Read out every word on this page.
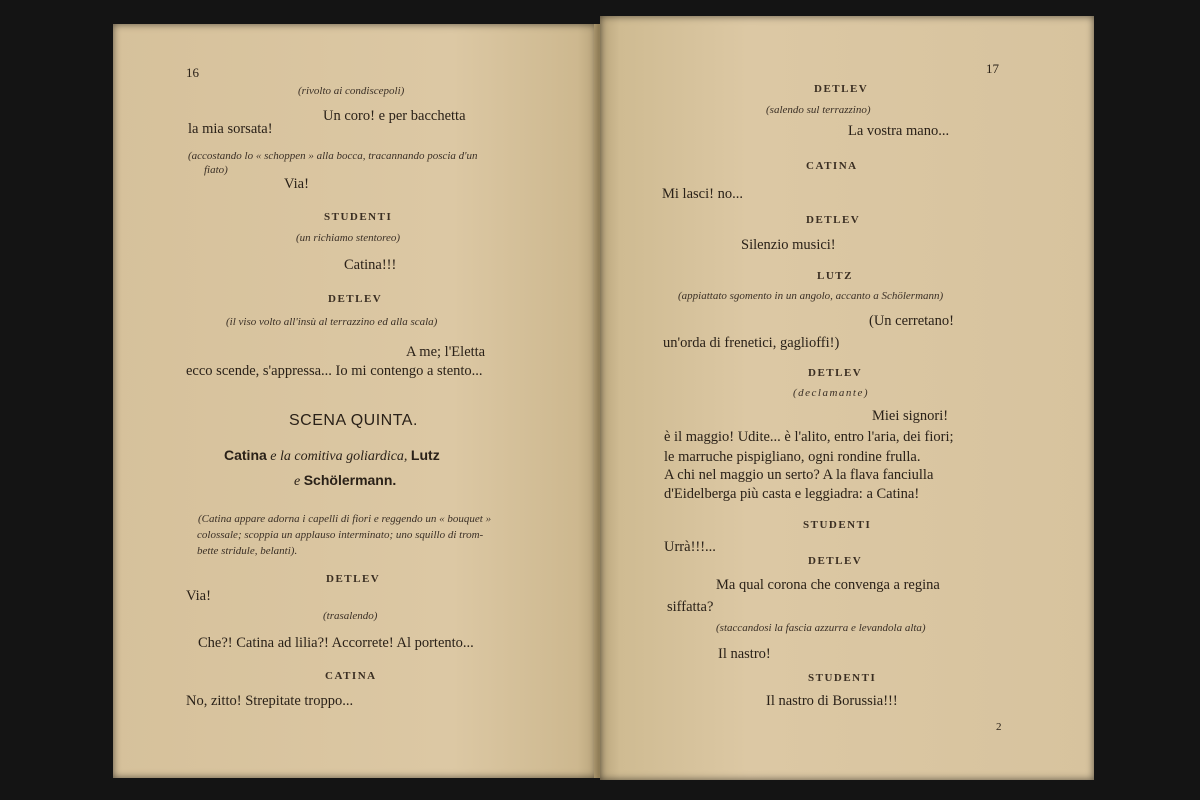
16
(rivolto ai condiscepoli)
Un coro! e per bacchetta
la mia sorsata!
(accostando lo « schoppen » alla bocca, tracannando poscia d'un
fiato)
Via!
STUDENTI
(un richiamo stentoreo)
Catina!!!
DETLEV
(il viso volto all'insù al terrazzino ed alla scala)
A me; l'Eletta
ecco scende, s'appressa... Io mi contengo a stento...
SCENA QUINTA.
Catina e la comitiva goliardica, Lutz
e Schölermann.
(Catina appare adorna i capelli di fiori e reggendo un « bouquet »
colossale; scoppia un applauso interminato; uno squillo di trom-
bette stridule, belanti).
DETLEV
Via!
(trasalendo)
Che?! Catina ad lilia?! Accorrete! Al portento...
CATINA
No, zitto! Strepitate troppo...
17
DETLEV
(salendo sul terrazzino)
La vostra mano...
CATINA
Mi lasci! no...
DETLEV
Silenzio musici!
LUTZ
(appiattato sgomento in un angolo, accanto a Schölermann)
(Un cerretano!
un'orda di frenetici, gaglioffi!)
DETLEV
(declamante)
Miei signori!
è il maggio! Udite... è l'alito, entro l'aria, dei fiori;
le marruche pispigliano, ogni rondine frulla.
A chi nel maggio un serto? A la flava fanciulla
d'Eidelberga più casta e leggiadra: a Catina!
STUDENTI
Urrà!!!...
DETLEV
Ma qual corona che convenga a regina
siffatta?
(staccandosi la fascia azzurra e levandola alta)
Il nastro!
STUDENTI
Il nastro di Borussia!!!
2
